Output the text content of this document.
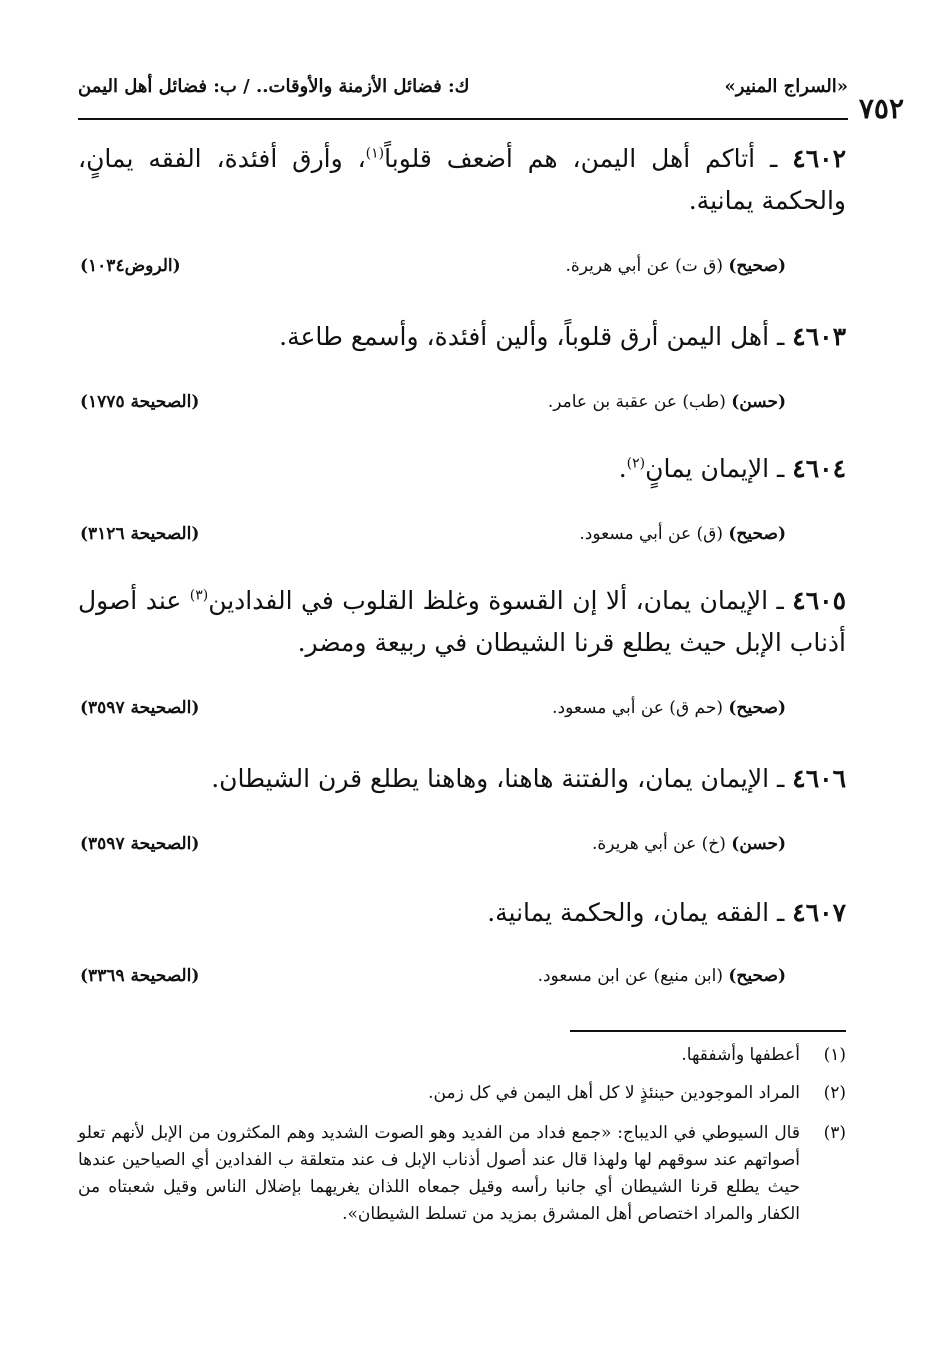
٧٥٢
«السراج المنير»
ك: فضائل الأزمنة والأوقات.. / ب: فضائل أهل اليمن
٤٦٠٢ ـ أتاكم أهل اليمن، هم أضعف قلوباً$^{(١)}$، وأرق أفئدة، الفقه يمانٍ، والحكمة يمانية.
(صحيح) (ق ت) عن أبي هريرة.
(الروض١٠٣٤)
٤٦٠٣ ـ أهل اليمن أرق قلوباً، وألين أفئدة، وأسمع طاعة.
(حسن) (طب) عن عقبة بن عامر.
(الصحيحة ١٧٧٥)
٤٦٠٤ ـ الإيمان يمانٍ$^{(٢)}$.
(صحيح) (ق) عن أبي مسعود.
(الصحيحة ٣١٢٦)
٤٦٠٥ ـ الإيمان يمان، ألا إن القسوة وغلظ القلوب في الفدادين$^{(٣)}$ عند أصول أذناب الإبل حيث يطلع قرنا الشيطان في ربيعة ومضر.
(صحيح) (حم ق) عن أبي مسعود.
(الصحيحة ٣٥٩٧)
٤٦٠٦ ـ الإيمان يمان، والفتنة هاهنا، وهاهنا يطلع قرن الشيطان.
(حسن) (خ) عن أبي هريرة.
(الصحيحة ٣٥٩٧)
٤٦٠٧ ـ الفقه يمان، والحكمة يمانية.
(صحيح) (ابن منيع) عن ابن مسعود.
(الصحيحة ٣٣٦٩)
(١)
أعطفها وأشفقها.
(٢)
المراد الموجودين حينئذٍ لا كل أهل اليمن في كل زمن.
(٣)
قال السيوطي في الديباج: «جمع فداد من الفديد وهو الصوت الشديد وهم المكثرون من الإبل لأنهم تعلو أصواتهم عند سوقهم لها ولهذا قال عند أصول أذناب الإبل ف عند متعلقة ب الفدادين أي الصياحين عندها حيث يطلع قرنا الشيطان أي جانبا رأسه وقيل جمعاه اللذان يغريهما بإضلال الناس وقيل شعبتاه من الكفار والمراد اختصاص أهل المشرق بمزيد من تسلط الشيطان».
